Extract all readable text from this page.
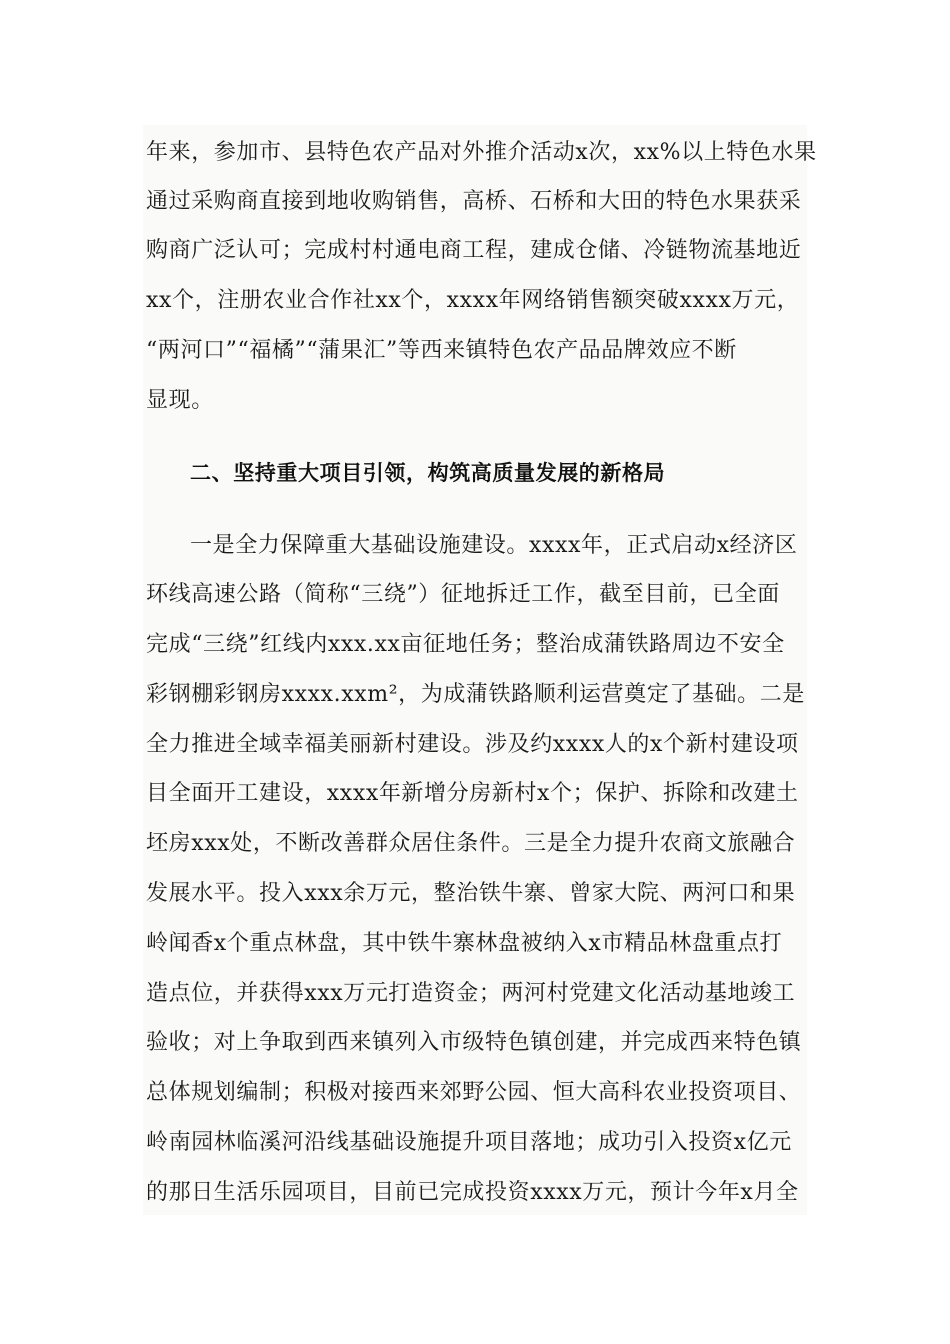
年来，参加市、县特色农产品对外推介活动x次，xx%以上特色水果
通过采购商直接到地收购销售，高桥、石桥和大田的特色水果获采
购商广泛认可；完成村村通电商工程，建成仓储、冷链物流基地近
xx个，注册农业合作社xx个，xxxx年网络销售额突破xxxx万元，
“两河口”“福橘”“蒲果汇”等西来镇特色农产品品牌效应不断
显现。
二、坚持重大项目引领，构筑高质量发展的新格局
一是全力保障重大基础设施建设。xxxx年，正式启动x经济区
环线高速公路（简称“三绕”）征地拆迁工作，截至目前，已全面
完成“三绕”红线内xxx.xx亩征地任务；整治成蒲铁路周边不安全
彩钢棚彩钢房xxxx.xxm²，为成蒲铁路顺利运营奠定了基础。二是
全力推进全域幸福美丽新村建设。涉及约xxxx人的x个新村建设项
目全面开工建设，xxxx年新增分房新村x个；保护、拆除和改建土
坯房xxx处，不断改善群众居住条件。三是全力提升农商文旅融合
发展水平。投入xxx余万元，整治铁牛寨、曾家大院、两河口和果
岭闻香x个重点林盘，其中铁牛寨林盘被纳入x市精品林盘重点打
造点位，并获得xxx万元打造资金；两河村党建文化活动基地竣工
验收；对上争取到西来镇列入市级特色镇创建，并完成西来特色镇
总体规划编制；积极对接西来郊野公园、恒大高科农业投资项目、
岭南园林临溪河沿线基础设施提升项目落地；成功引入投资x亿元
的那日生活乐园项目，目前已完成投资xxxx万元，预计今年x月全
